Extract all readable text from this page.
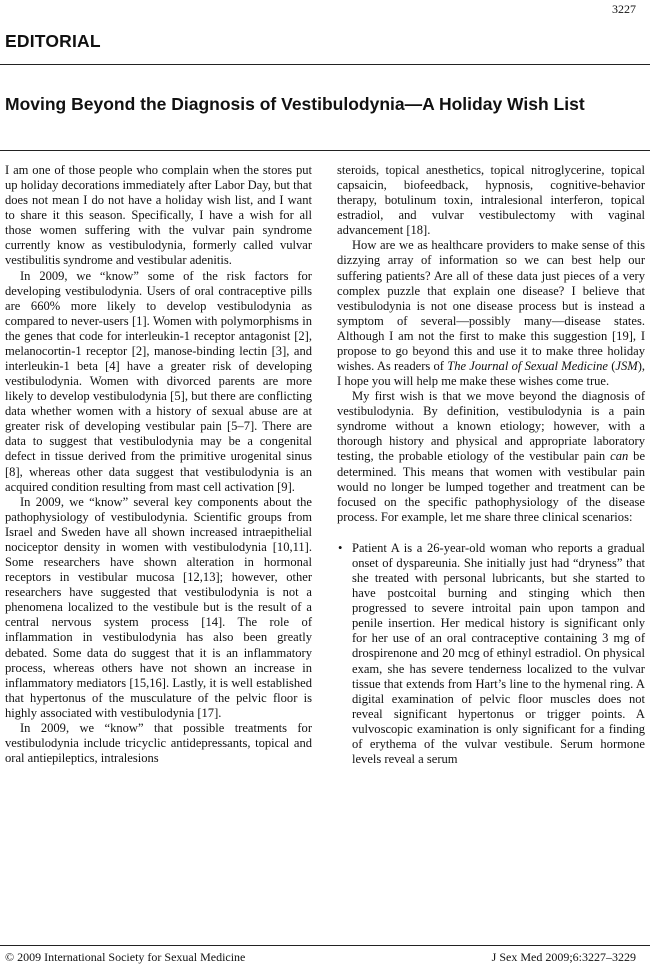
3227
EDITORIAL
Moving Beyond the Diagnosis of Vestibulodynia—A Holiday Wish List

I am one of those people who complain when the stores put up holiday decorations immediately after Labor Day, but that does not mean I do not have a holiday wish list, and I want to share it this season. Specifically, I have a wish for all those women suffering with the vulvar pain syndrome currently know as vestibulodynia, formerly called vulvar vestibulitis syndrome and vestibular adenitis.

In 2009, we “know” some of the risk factors for developing vestibulodynia. Users of oral contraceptive pills are 660% more likely to develop vestibulodynia as compared to never-users [1]. Women with polymorphisms in the genes that code for interleukin-1 receptor antagonist [2], melanocortin-1 receptor [2], manose-binding lectin [3], and interleukin-1 beta [4] have a greater risk of developing vestibulodynia. Women with divorced parents are more likely to develop vestibulodynia [5], but there are conflicting data whether women with a history of sexual abuse are at greater risk of developing vestibular pain [5–7]. There are data to suggest that vestibulodynia may be a congenital defect in tissue derived from the primitive urogenital sinus [8], whereas other data suggest that vestibulodynia is an acquired condition resulting from mast cell activation [9].

In 2009, we “know” several key components about the pathophysiology of vestibulodynia. Scientific groups from Israel and Sweden have all shown increased intraepithelial nociceptor density in women with vestibulodynia [10,11]. Some researchers have shown alteration in hormonal receptors in vestibular mucosa [12,13]; however, other researchers have suggested that vestibulodynia is not a phenomena localized to the vestibule but is the result of a central nervous system process [14]. The role of inflammation in vestibulodynia has also been greatly debated. Some data do suggest that it is an inflammatory process, whereas others have not shown an increase in inflammatory mediators [15,16]. Lastly, it is well established that hypertonus of the musculature of the pelvic floor is highly associated with vestibulodynia [17].

In 2009, we “know” that possible treatments for vestibulodynia include tricyclic antidepressants, topical and oral antiepileptics, intralesions

steroids, topical anesthetics, topical nitroglycerine, topical capsaicin, biofeedback, hypnosis, cognitive-behavior therapy, botulinum toxin, intralesional interferon, topical estradiol, and vulvar vestibulectomy with vaginal advancement [18].

How are we as healthcare providers to make sense of this dizzying array of information so we can best help our suffering patients? Are all of these data just pieces of a very complex puzzle that explain one disease? I believe that vestibulodynia is not one disease process but is instead a symptom of several—possibly many—disease states. Although I am not the first to make this suggestion [19], I propose to go beyond this and use it to make three holiday wishes. As readers of The Journal of Sexual Medicine (JSM), I hope you will help me make these wishes come true.

My first wish is that we move beyond the diagnosis of vestibulodynia. By definition, vestibulodynia is a pain syndrome without a known etiology; however, with a thorough history and physical and appropriate laboratory testing, the probable etiology of the vestibular pain can be determined. This means that women with vestibular pain would no longer be lumped together and treatment can be focused on the specific pathophysiology of the disease process. For example, let me share three clinical scenarios:

• Patient A is a 26-year-old woman who reports a gradual onset of dyspareunia. She initially just had “dryness” that she treated with personal lubricants, but she started to have postcoital burning and stinging which then progressed to severe introital pain upon tampon and penile insertion. Her medical history is significant only for her use of an oral contraceptive containing 3 mg of drospirenone and 20 mcg of ethinyl estradiol. On physical exam, she has severe tenderness localized to the vulvar tissue that extends from Hart’s line to the hymenal ring. A digital examination of pelvic floor muscles does not reveal significant hypertonus or trigger points. A vulvoscopic examination is only significant for a finding of erythema of the vulvar vestibule. Serum hormone levels reveal a serum
© 2009 International Society for Sexual Medicine	J Sex Med 2009;6:3227–3229
